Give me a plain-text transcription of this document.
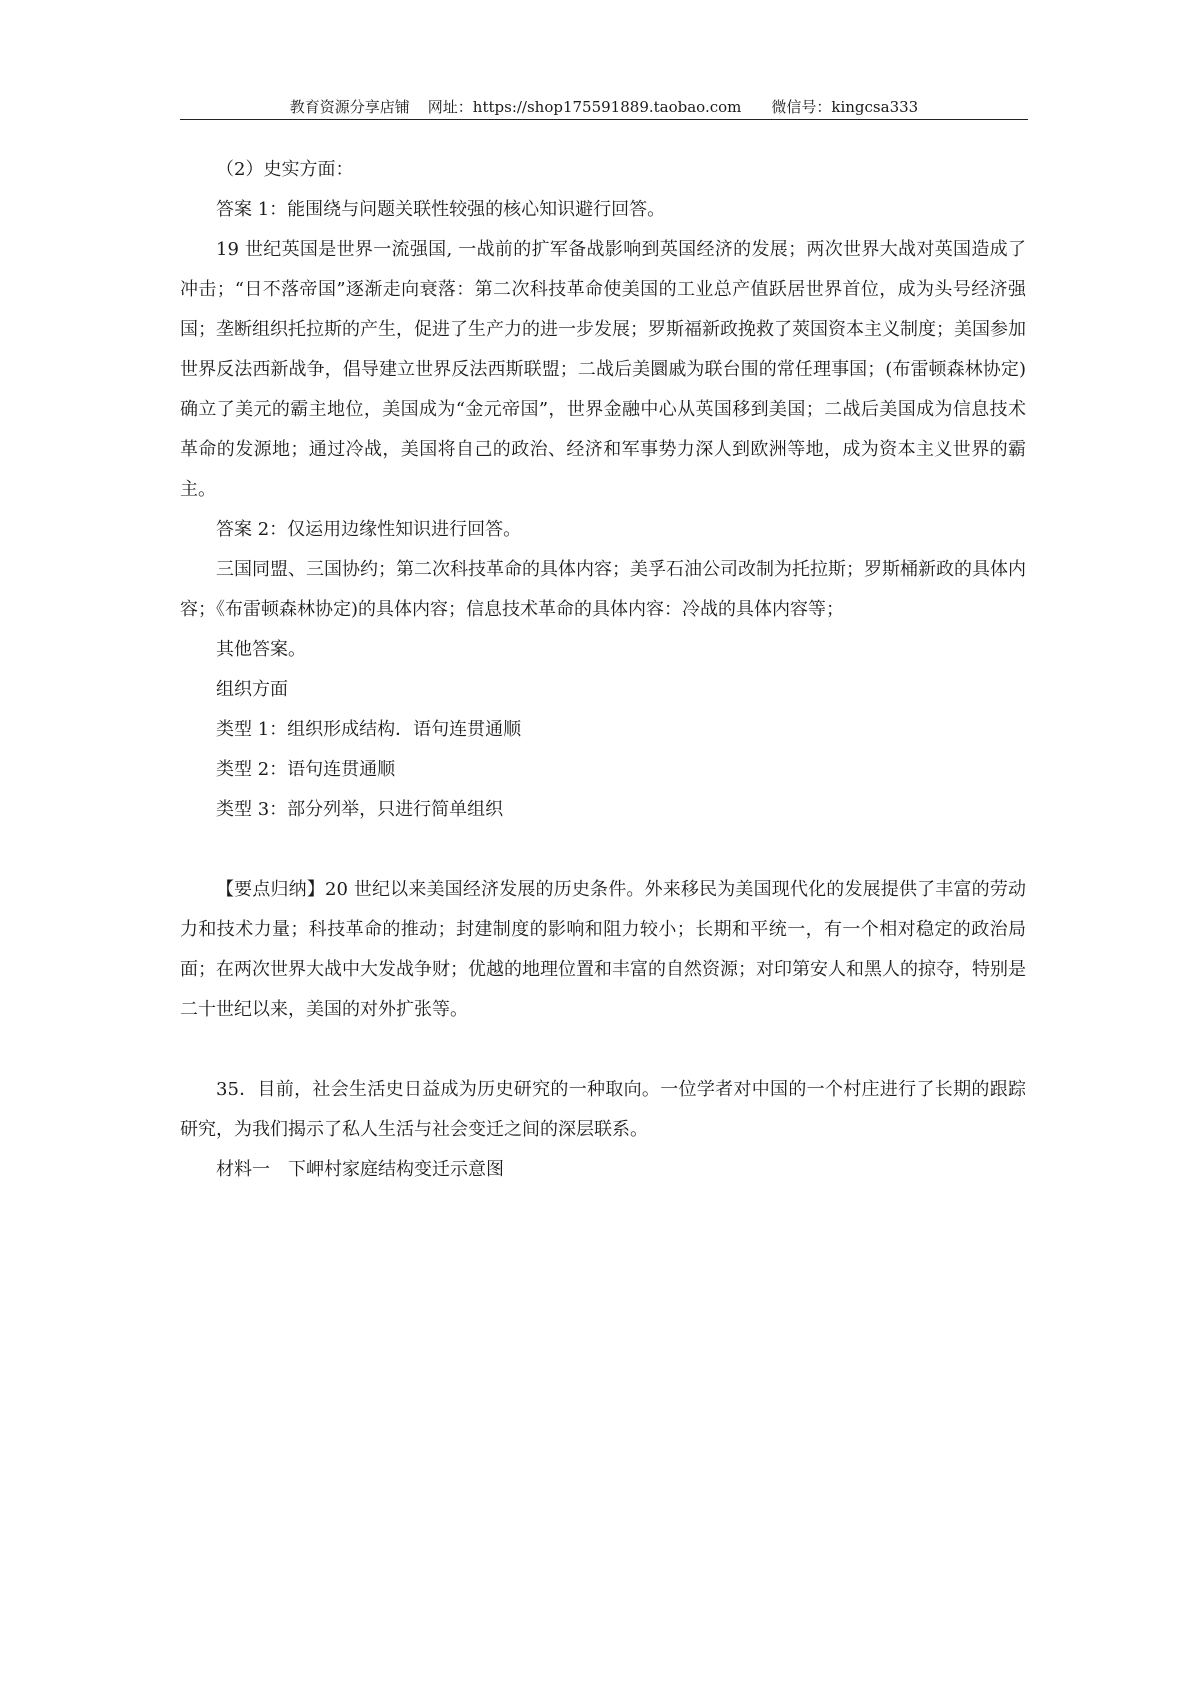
教育资源分享店铺 网址：https://shop175591889.taobao.com 微信号：kingcsa333

（2）史实方面：

答案 1：能围绕与问题关联性较强的核心知识避行回答。

19 世纪英国是世界一流强国, 一战前的扩军备战影响到英国经济的发展；两次世界大战对英国造成了冲击；“日不落帝国”逐渐走向衰落：第二次科技革命使美国的工业总产值跃居世界首位，成为头号经济强国；垄断组织托拉斯的产生，促进了生产力的进一步发展；罗斯福新政挽救了莢国资本主义制度；美国参加世界反法西新战争，倡导建立世界反法西斯联盟；二战后美圜戚为联台围的常任理事国；(布雷顿森林协定)确立了美元的霸主地位，美国成为“金元帝国”，世界金融中心从英国移到美国；二战后美国成为信息技术革命的发源地；通过冷战，美国将自己的政治、经济和军事势力深人到欧洲等地，成为资本主义世界的霸主。

答案 2：仅运用边缘性知识进行回答。

三国同盟、三国协约；第二次科技革命的具体内容；美孚石油公司改制为托拉斯；罗斯桶新政的具体内容；《布雷顿森林协定)的具体内容；信息技术革命的具体内容：冷战的具体内容等；

其他答案。

组织方面

类型 1：组织形成结构．语句连贯通顺

类型 2：语句连贯通顺

类型 3：部分列举，只进行简单组织

【要点归纳】20 世纪以来美国经济发展的历史条件。外来移民为美国现代化的发展提供了丰富的劳动力和技术力量；科技革命的推动；封建制度的影响和阻力较小；长期和平统一，有一个相对稳定的政治局面；在两次世界大战中大发战争财；优越的地理位置和丰富的自然资源；对印第安人和黑人的掠夺，特别是二十世纪以来，美国的对外扩张等。

35．目前，社会生活史日益成为历史研究的一种取向。一位学者对中国的一个村庄进行了长期的跟踪研究，为我们揭示了私人生活与社会变迁之间的深层联系。

材料一　下岬村家庭结构变迁示意图
